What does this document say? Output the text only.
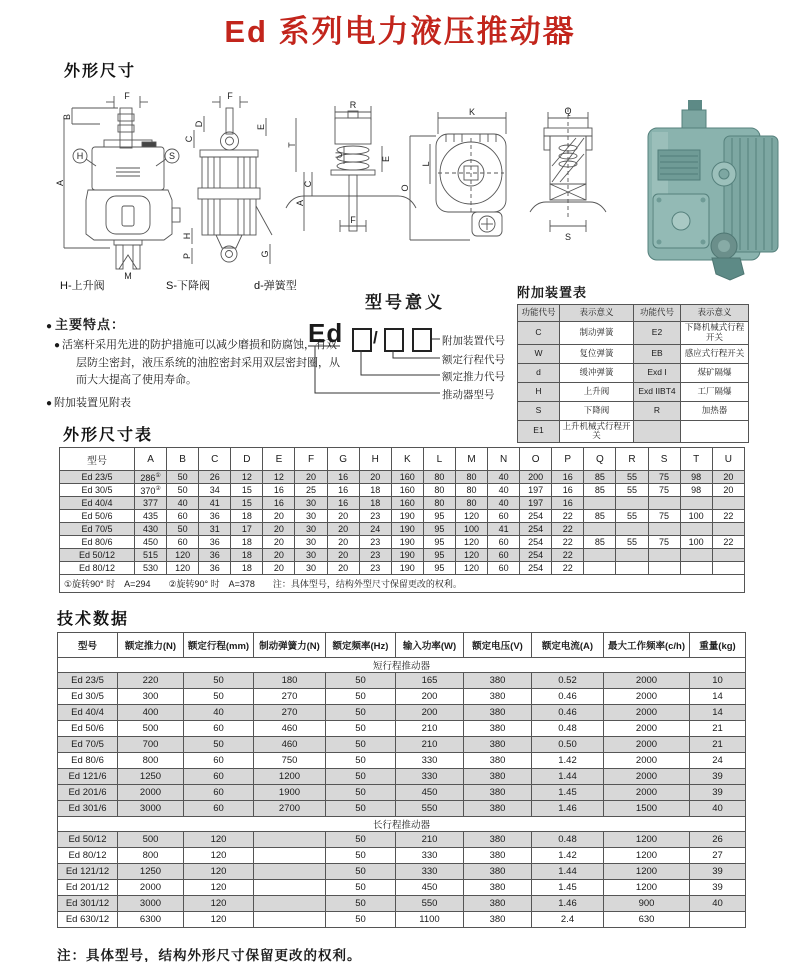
Ed 系列电力液压推动器
外形尺寸
F
B
A
H	S
M
F
D
C
E
H
P	G
R
T
U
C
A
E
F
K
L
O
Q
S
H-上升阀	S-下降阀	d-弹簧型
● 主要特点：
● 活塞杆采用先进的防护措施可以减少磨损和防腐蚀，有双层防尘密封，液压系统的油腔密封采用双层密封圈，从而大大提高了使用寿命。
● 附加装置见附表
型号意义
Ed /	附加装置代号
额定行程代号
额定推力代号
推动器型号
附加装置表
功能代号	表示意义	功能代号	表示意义
C	制动弹簧	E2	下降机械式行程开关
W	复位弹簧	EB	感应式行程开关
d	缓冲弹簧	Exd I	煤矿隔爆
H	上升阀	Exd IIBT4	工厂隔爆
S	下降阀	R	加热器
E1	上升机械式行程开关		
外形尺寸表
型号	A	B	C	D	E	F	G	H	K	L	M	N	O	P	Q	R	S	T	U
Ed 23/5	286①	50	26	12	12	20	16	20	160	80	80	40	200	16	85	55	75	98	20
Ed 30/5	370②	50	34	15	16	25	16	18	160	80	80	40	197	16	85	55	75	98	20
Ed 40/4	377	40	41	15	16	30	16	18	160	80	80	40	197	16					
Ed 50/6	435	60	36	18	20	30	20	23	190	95	120	60	254	22	85	55	75	100	22
Ed 70/5	430	50	31	17	20	30	20	24	190	95	100	41	254	22					
Ed 80/6	450	60	36	18	20	30	20	23	190	95	120	60	254	22	85	55	75	100	22
Ed 50/12	515	120	36	18	20	30	20	23	190	95	120	60	254	22					
Ed 80/12	530	120	36	18	20	30	20	23	190	95	120	60	254	22					
①旋转90° 时　A=294　　②旋转90° 时　A=378　　注：具体型号，结构外型尺寸保留更改的权利。																			
技术数据
型号	额定推力(N)	额定行程(mm)	制动弹簧力(N)	额定频率(Hz)	输入功率(W)	额定电压(V)	额定电流(A)	最大工作频率(c/h)	重量(kg)
短行程推动器									
Ed 23/5	220	50	180	50	165	380	0.52	2000	10
Ed 30/5	300	50	270	50	200	380	0.46	2000	14
Ed 40/4	400	40	270	50	200	380	0.46	2000	14
Ed 50/6	500	60	460	50	210	380	0.48	2000	21
Ed 70/5	700	50	460	50	210	380	0.50	2000	21
Ed 80/6	800	60	750	50	330	380	1.42	2000	24
Ed 121/6	1250	60	1200	50	330	380	1.44	2000	39
Ed 201/6	2000	60	1900	50	450	380	1.45	2000	39
Ed 301/6	3000	60	2700	50	550	380	1.46	1500	40
长行程推动器									
Ed 50/12	500	120		50	210	380	0.48	1200	26
Ed 80/12	800	120		50	330	380	1.42	1200	27
Ed 121/12	1250	120		50	330	380	1.44	1200	39
Ed 201/12	2000	120		50	450	380	1.45	1200	39
Ed 301/12	3000	120		50	550	380	1.46	900	40
Ed 630/12	6300	120		50	1100	380	2.4	630	
注：具体型号，结构外形尺寸保留更改的权利。
